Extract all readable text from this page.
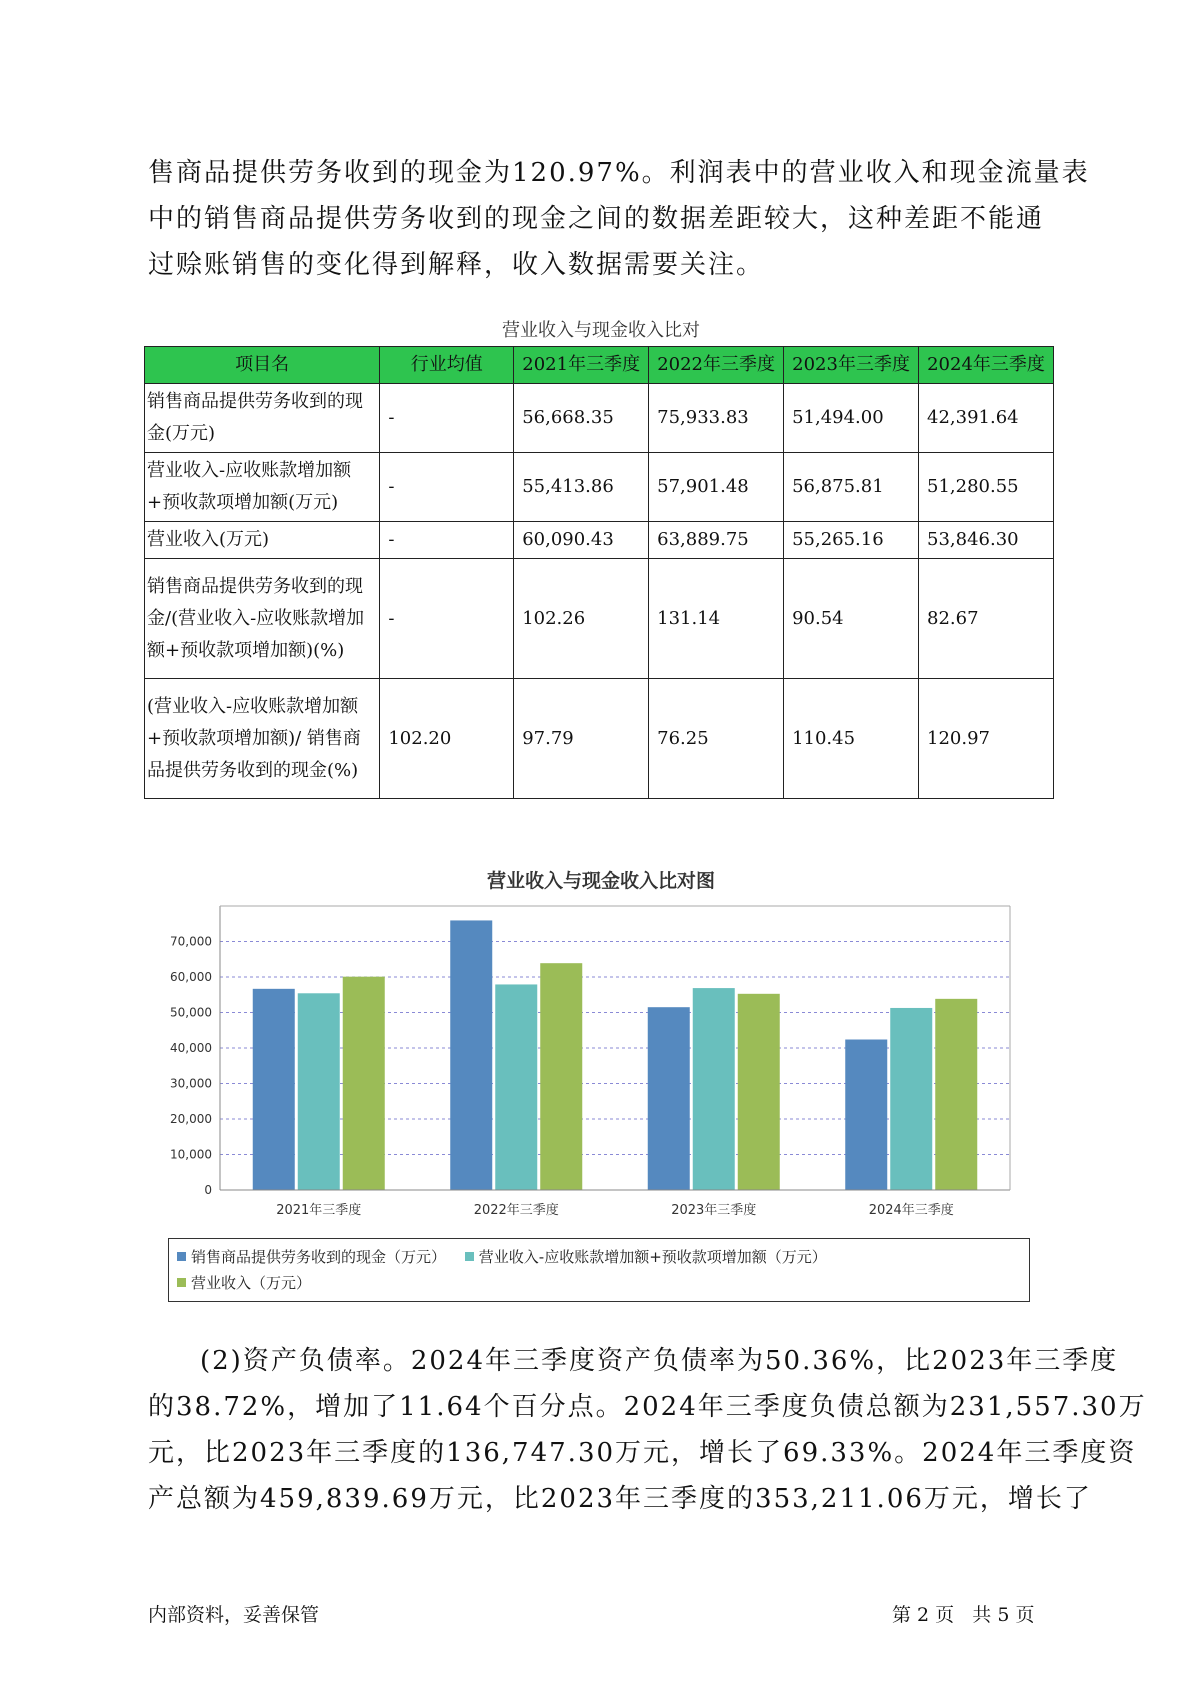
售商品提供劳务收到的现金为120.97%。利润表中的营业收入和现金流量表
中的销售商品提供劳务收到的现金之间的数据差距较大，这种差距不能通
过赊账销售的变化得到解释，收入数据需要关注。
营业收入与现金收入比对
项目名	行业均值	2021年三季度	2022年三季度	2023年三季度	2024年三季度
销售商品提供劳务收到的现金(万元)	-	56,668.35	75,933.83	51,494.00	42,391.64
营业收入-应收账款增加额+预收款项增加额(万元)	-	55,413.86	57,901.48	56,875.81	51,280.55
营业收入(万元)	-	60,090.43	63,889.75	55,265.16	53,846.30
销售商品提供劳务收到的现金/(营业收入-应收账款增加额+预收款项增加额)(%)	-	102.26	131.14	90.54	82.67
(营业收入-应收账款增加额+预收款项增加额)/ 销售商品提供劳务收到的现金(%)	102.20	97.79	76.25	110.45	120.97
营业收入与现金收入比对图
0
10,000
20,000
30,000
40,000
50,000
60,000
70,000
2021年三季度	2022年三季度	2023年三季度	2024年三季度
销售商品提供劳务收到的现金（万元）
营业收入-应收账款增加额+预收款项增加额（万元）

营业收入（万元）
(2)资产负债率。2024年三季度资产负债率为50.36%，比2023年三季度
的38.72%，增加了11.64个百分点。2024年三季度负债总额为231,557.30万
元，比2023年三季度的136,747.30万元，增长了69.33%。2024年三季度资
产总额为459,839.69万元，比2023年三季度的353,211.06万元，增长了
内部资料，妥善保管	第 2 页   共 5 页
